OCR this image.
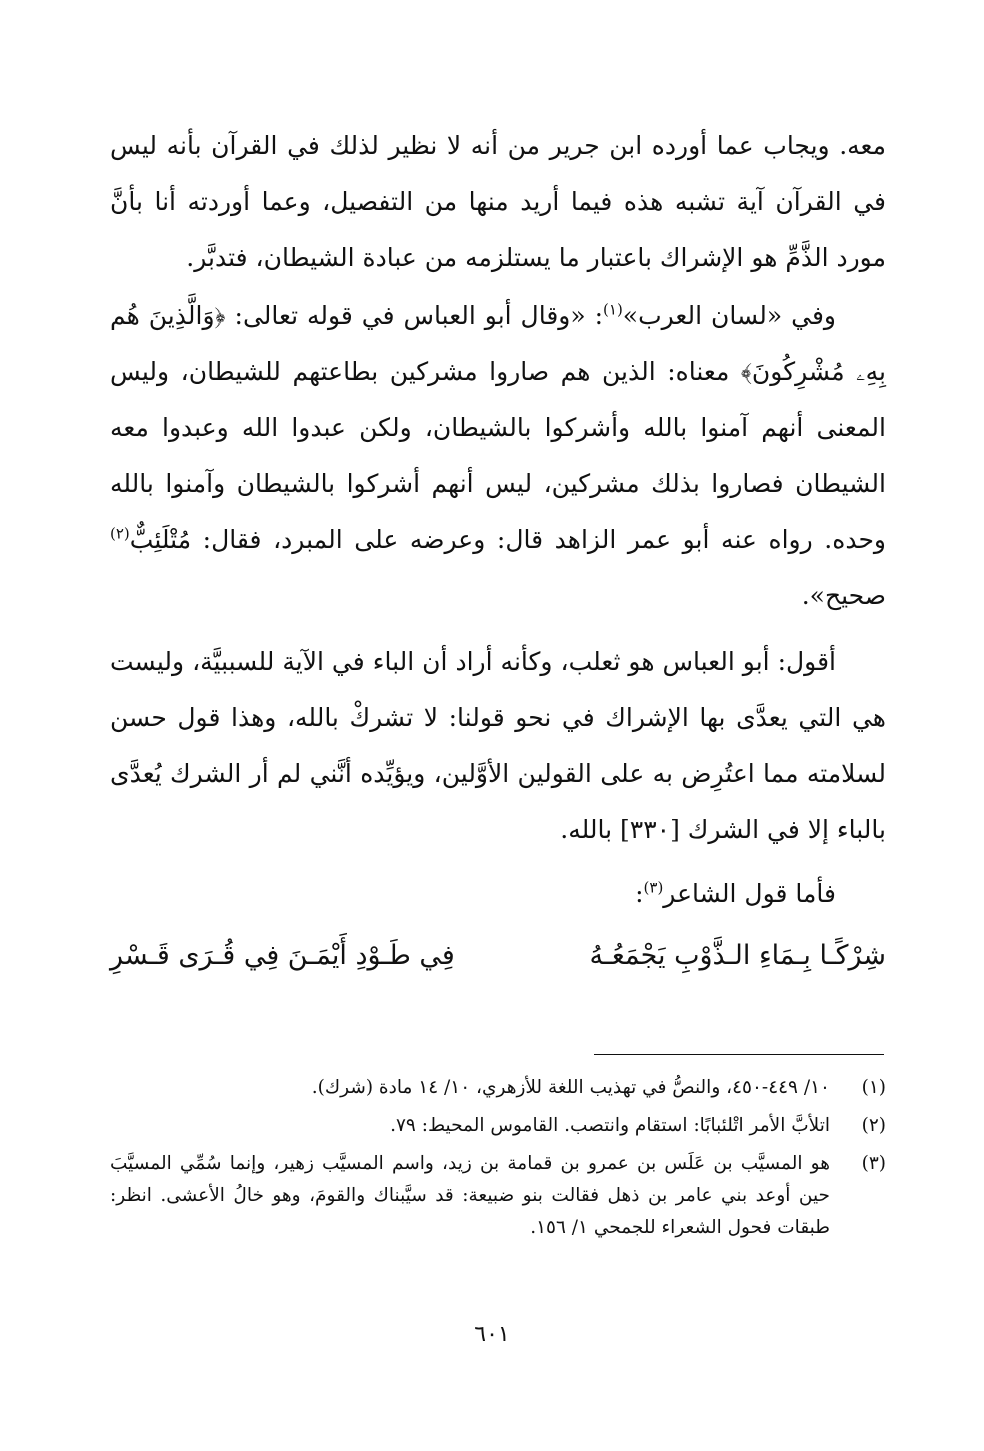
معه. ويجاب عما أورده ابن جرير من أنه لا نظير لذلك في القرآن بأنه ليس في القرآن آية تشبه هذه فيما أريد منها من التفصيل، وعما أوردته أنا بأنَّ مورد الذَّمِّ هو الإشراك باعتبار ما يستلزمه من عبادة الشيطان، فتدبَّر.

وفي «لسان العرب»$^{(١)}$: «وقال أبو العباس في قوله تعالى: ﴿وَالَّذِينَ هُم بِهِۦ مُشْرِكُونَ﴾ معناه: الذين هم صاروا مشركين بطاعتهم للشيطان، وليس المعنى أنهم آمنوا بالله وأشركوا بالشيطان، ولكن عبدوا الله وعبدوا معه الشيطان فصاروا بذلك مشركين، ليس أنهم أشركوا بالشيطان وآمنوا بالله وحده. رواه عنه أبو عمر الزاهد قال: وعرضه على المبرد، فقال: مُتْلَئِبٌّ$^{(٢)}$ صحيح».

أقول: أبو العباس هو ثعلب، وكأنه أراد أن الباء في الآية للسببيَّة، وليست هي التي يعدَّى بها الإشراك في نحو قولنا: لا تشركْ بالله، وهذا قول حسن لسلامته مما اعتُرِض به على القولين الأوَّلين، ويؤيِّده أنَّني لم أر الشرك يُعدَّى بالباء إلا في الشرك [٣٣٠] بالله.

فأما قول الشاعر$^{(٣)}$:
شِرْكًـا بِـمَاءِ الـذَّوْبِ يَجْمَعُـهُ
فِي طَـوْدِ أَيْمَـنَ فِي قُـرَى قَـسْرِ
(١)
١٠/ ٤٤٩-٤٥٠، والنصُّ في تهذيب اللغة للأزهري، ١٠/ ١٤ مادة (شرك).
(٢)
اتلأبَّ الأمر اتْلئبابًا: استقام وانتصب. القاموس المحيط: ٧٩.
(٣)
هو المسيَّب بن عَلَس بن عمرو بن قمامة بن زيد، واسم المسيَّب زهير، وإنما سُمِّي المسيَّبَ حين أوعد بني عامر بن ذهل فقالت بنو ضبيعة: قد سيَّبناك والقومَ، وهو خالُ الأعشى. انظر: طبقات فحول الشعراء للجمحي ١/ ١٥٦.
٦٠١
